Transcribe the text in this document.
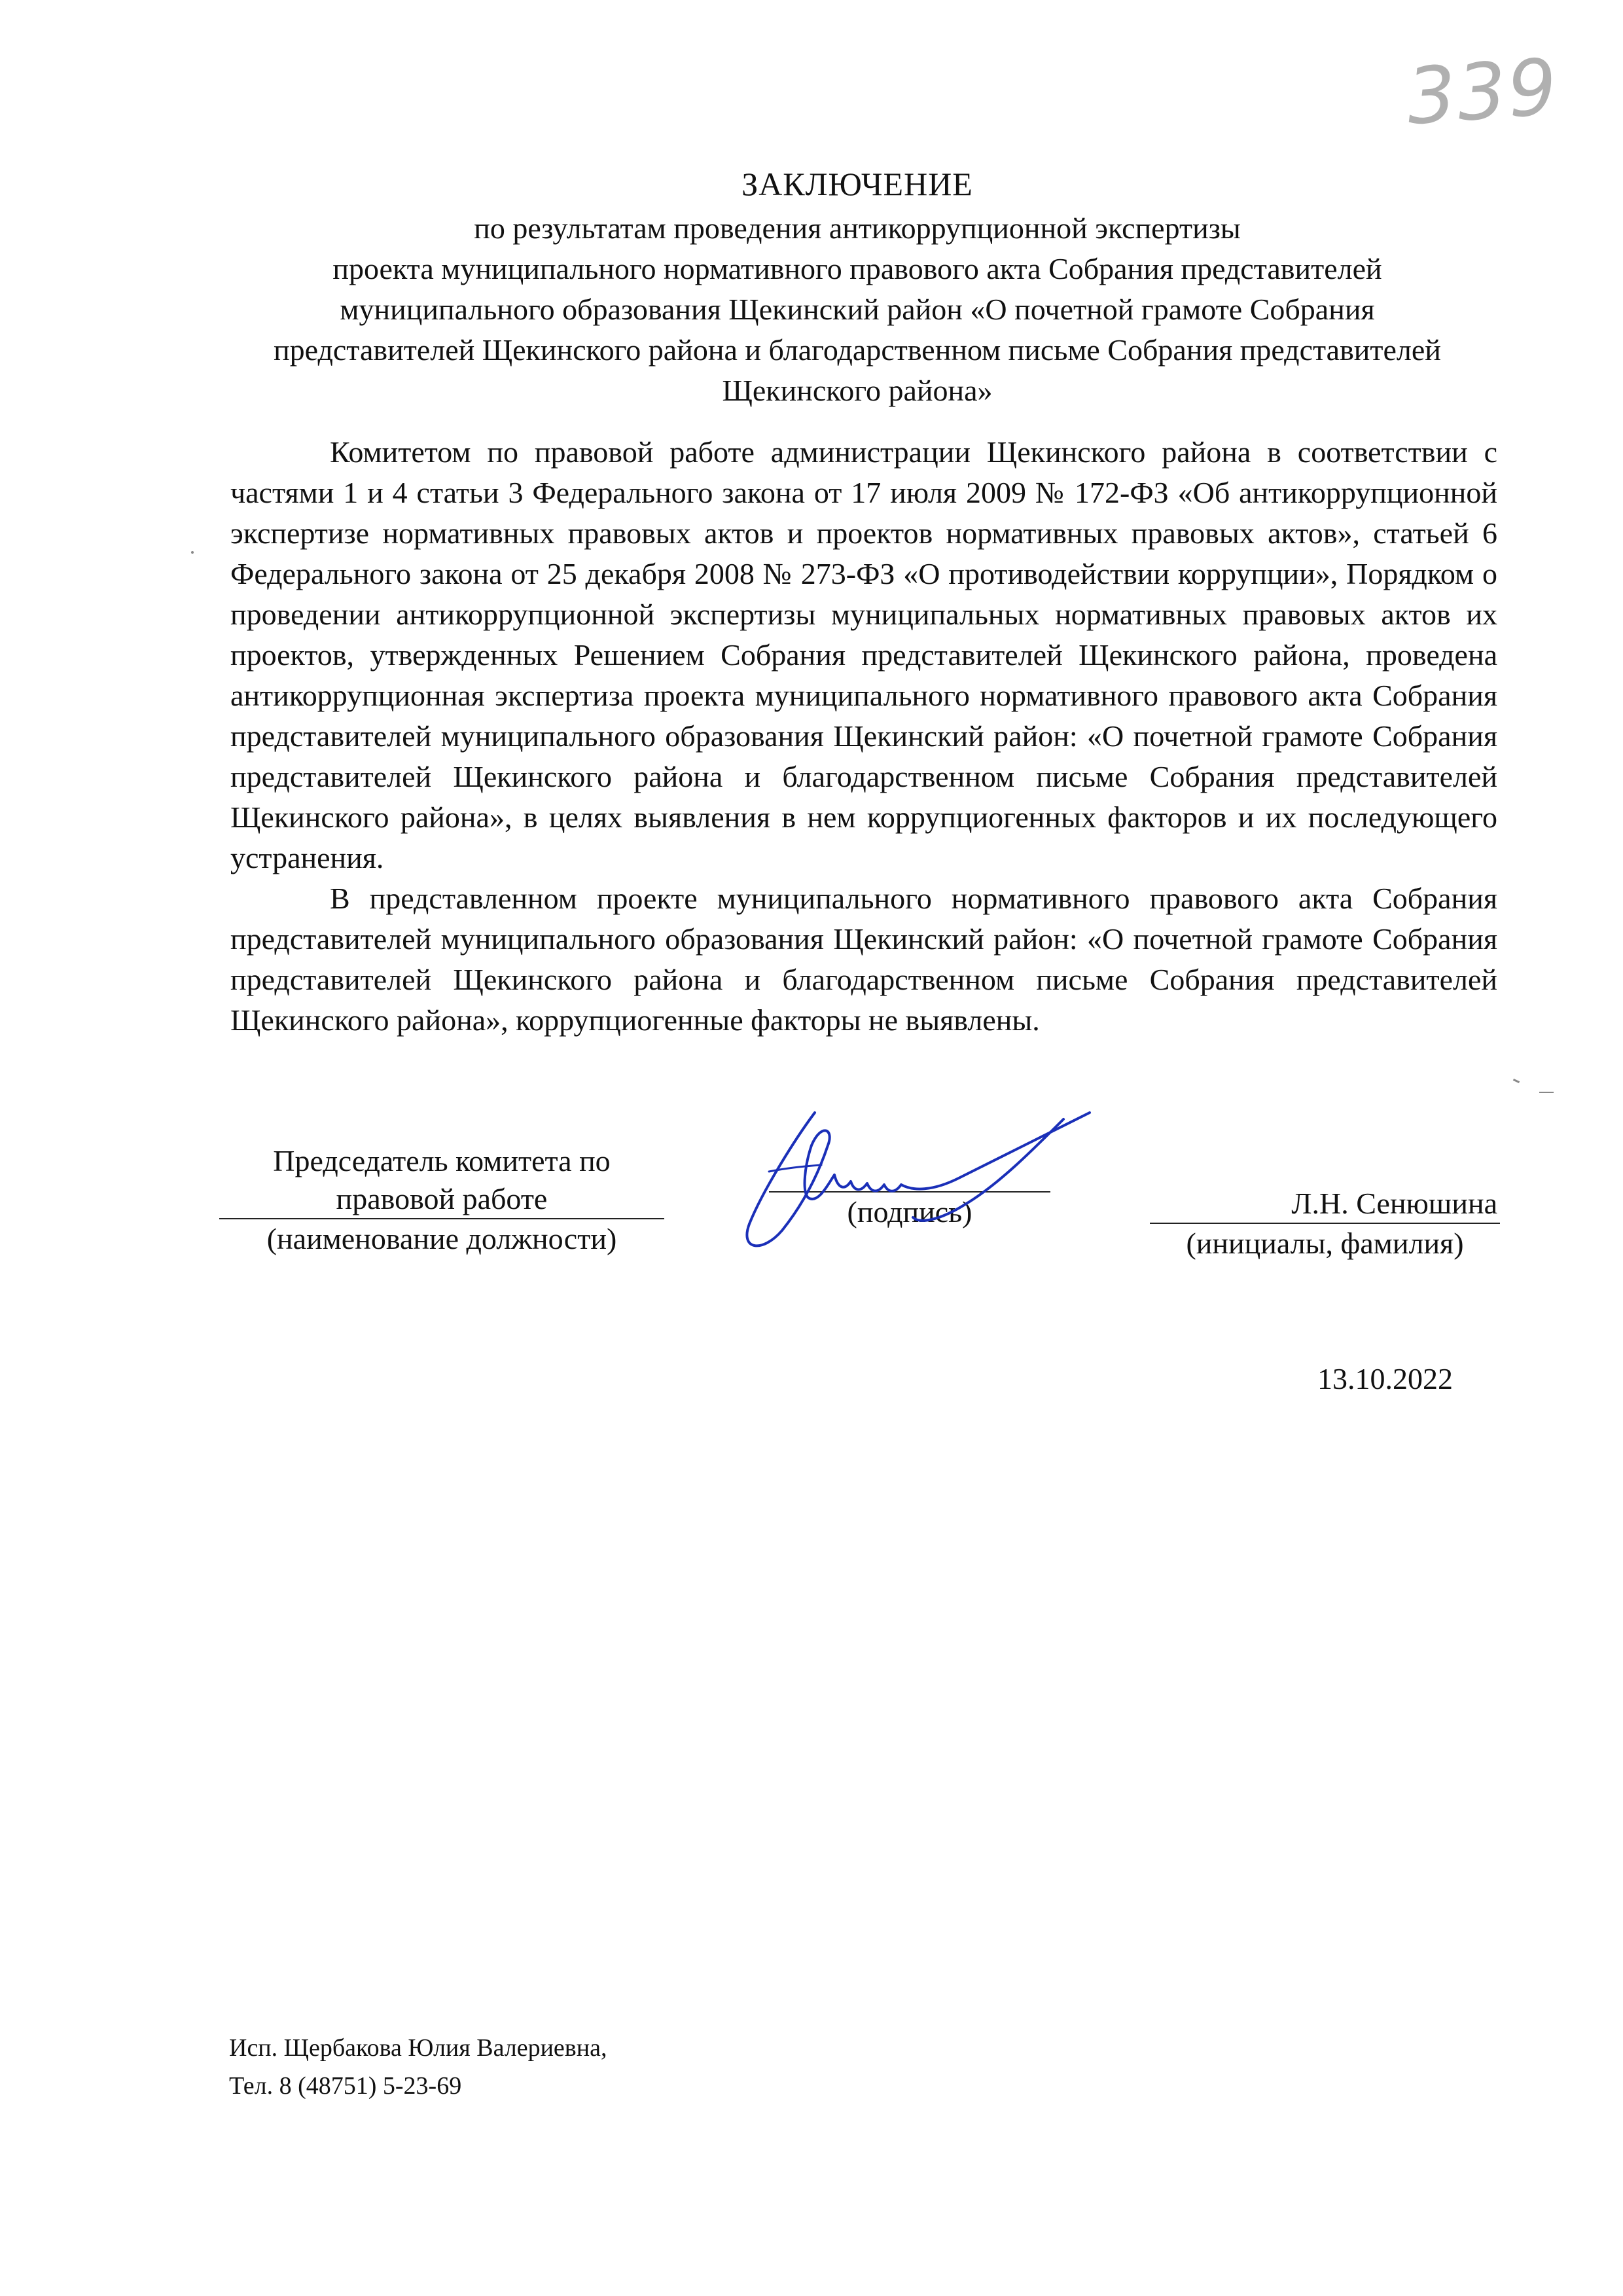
339
ЗАКЛЮЧЕНИЕ
по результатам проведения антикоррупционной экспертизы
проекта муниципального нормативного правового акта Собрания представителей
муниципального образования Щекинский район «О почетной грамоте Собрания
представителей Щекинского района и благодарственном письме Собрания представителей
Щекинского района»

Комитетом по правовой работе администрации Щекинского района в соответствии с частями 1 и 4 статьи 3 Федерального закона от 17 июля 2009 № 172-ФЗ «Об антикоррупционной экспертизе нормативных правовых актов и проектов нормативных правовых актов», статьей 6 Федерального закона от 25 декабря 2008 № 273-ФЗ «О противодействии коррупции», Порядком о проведении антикоррупционной экспертизы муниципальных нормативных правовых актов их проектов, утвержденных Решением Собрания представителей Щекинского района, проведена антикоррупционная экспертиза проекта муниципального нормативного правового акта Собрания представителей муниципального образования Щекинский район: «О почетной грамоте Собрания представителей Щекинского района и благодарственном письме Собрания представителей Щекинского района», в целях выявления в нем коррупциогенных факторов и их последующего устранения.

В представленном проекте муниципального нормативного правового акта Собрания представителей муниципального образования Щекинский район: «О почетной грамоте Собрания представителей Щекинского района и благодарственном письме Собрания представителей Щекинского района», коррупциогенные факторы не выявлены.

Председатель комитета по
правовой работе
(наименование должности)
(подпись)	Л.Н. Сенюшина
(инициалы, фамилия)
13.10.2022
Исп. Щербакова Юлия Валериевна,
Тел. 8 (48751) 5-23-69
